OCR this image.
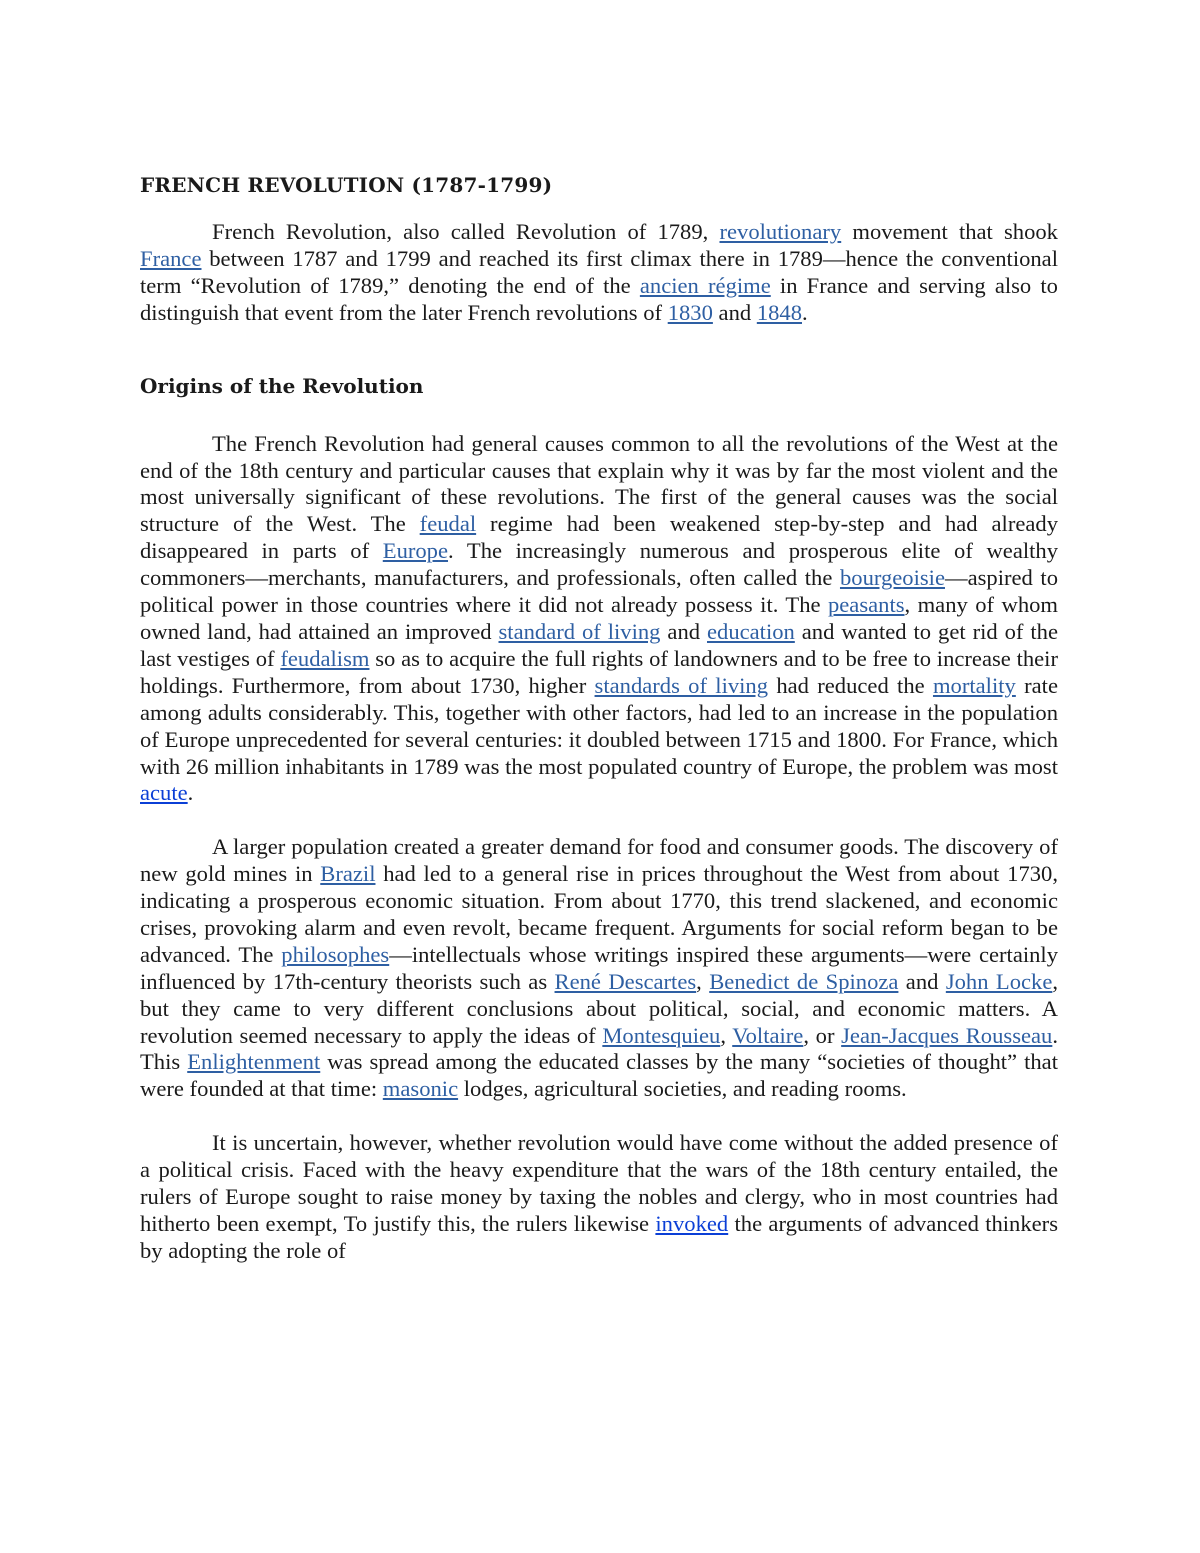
FRENCH REVOLUTION (1787-1799)

French Revolution, also called Revolution of 1789, revolutionary movement that shook France between 1787 and 1799 and reached its first climax there in 1789—hence the conventional term “Revolution of 1789,” denoting the end of the ancien régime in France and serving also to distinguish that event from the later French revolutions of 1830 and 1848.

Origins of the Revolution

The French Revolution had general causes common to all the revolutions of the West at the end of the 18th century and particular causes that explain why it was by far the most violent and the most universally significant of these revolutions. The first of the general causes was the social structure of the West. The feudal regime had been weakened step-by-step and had already disappeared in parts of Europe. The increasingly numerous and prosperous elite of wealthy commoners—merchants, manufacturers, and professionals, often called the bourgeoisie—aspired to political power in those countries where it did not already possess it. The peasants, many of whom owned land, had attained an improved standard of living and education and wanted to get rid of the last vestiges of feudalism so as to acquire the full rights of landowners and to be free to increase their holdings. Furthermore, from about 1730, higher standards of living had reduced the mortality rate among adults considerably. This, together with other factors, had led to an increase in the population of Europe unprecedented for several centuries: it doubled between 1715 and 1800. For France, which with 26 million inhabitants in 1789 was the most populated country of Europe, the problem was most acute.

A larger population created a greater demand for food and consumer goods. The discovery of new gold mines in Brazil had led to a general rise in prices throughout the West from about 1730, indicating a prosperous economic situation. From about 1770, this trend slackened, and economic crises, provoking alarm and even revolt, became frequent. Arguments for social reform began to be advanced. The philosophes—intellectuals whose writings inspired these arguments—were certainly influenced by 17th-century theorists such as René Descartes, Benedict de Spinoza and John Locke, but they came to very different conclusions about political, social, and economic matters. A revolution seemed necessary to apply the ideas of Montesquieu, Voltaire, or Jean-Jacques Rousseau. This Enlightenment was spread among the educated classes by the many “societies of thought” that were founded at that time: masonic lodges, agricultural societies, and reading rooms.

It is uncertain, however, whether revolution would have come without the added presence of a political crisis. Faced with the heavy expenditure that the wars of the 18th century entailed, the rulers of Europe sought to raise money by taxing the nobles and clergy, who in most countries had hitherto been exempt, To justify this, the rulers likewise invoked the arguments of advanced thinkers by adopting the role of
